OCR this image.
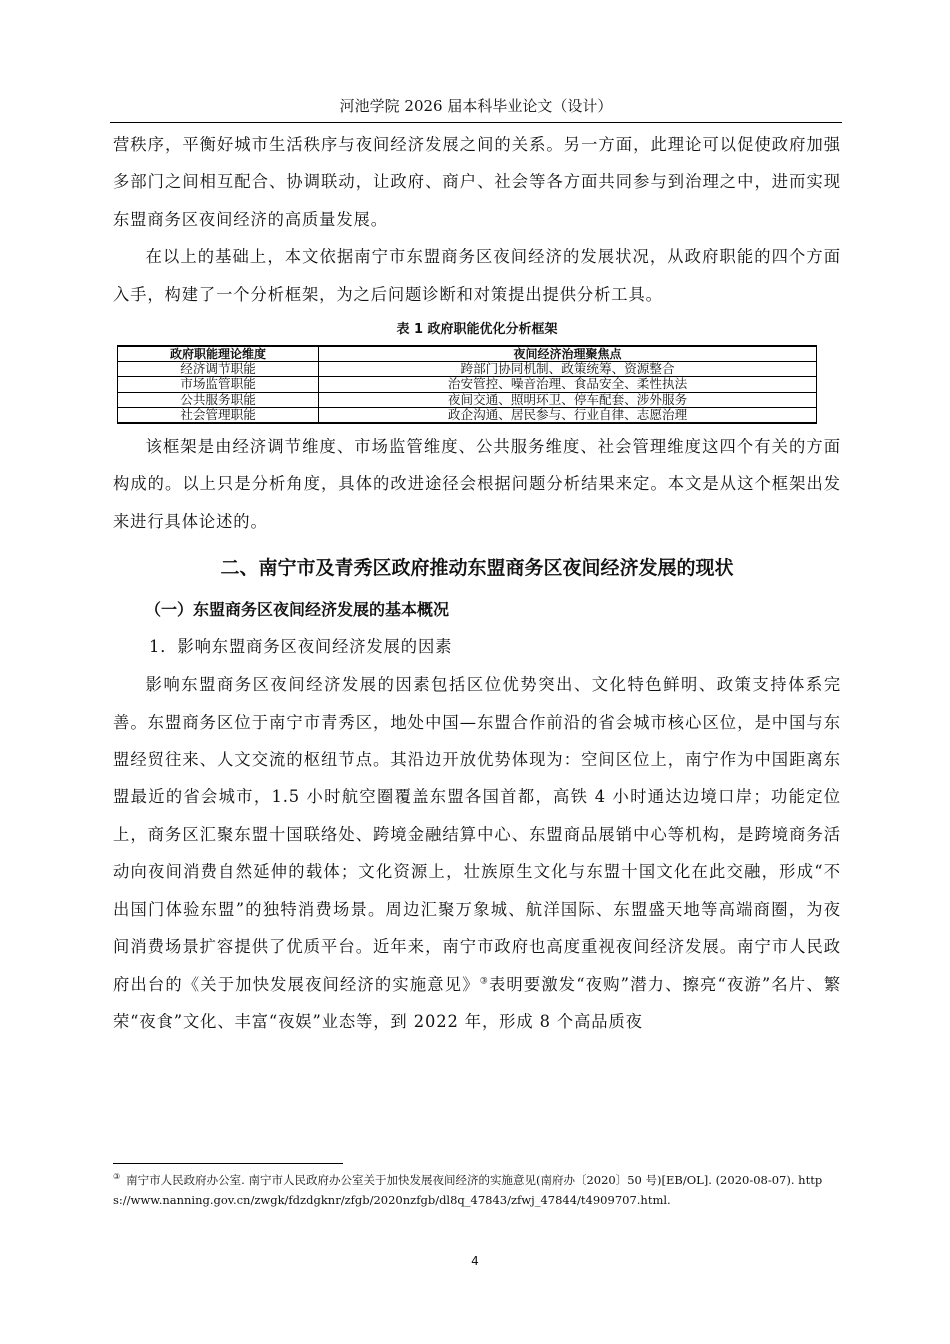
河池学院 2026 届本科毕业论文（设计）

营秩序，平衡好城市生活秩序与夜间经济发展之间的关系。另一方面，此理论可以促使政府加强多部门之间相互配合、协调联动，让政府、商户、社会等各方面共同参与到治理之中，进而实现东盟商务区夜间经济的高质量发展。

在以上的基础上，本文依据南宁市东盟商务区夜间经济的发展状况，从政府职能的四个方面入手，构建了一个分析框架，为之后问题诊断和对策提出提供分析工具。

表 1 政府职能优化分析框架
政府职能理论维度	夜间经济治理聚焦点
经济调节职能	跨部门协同机制、政策统筹、资源整合
市场监管职能	治安管控、噪音治理、食品安全、柔性执法
公共服务职能	夜间交通、照明环卫、停车配套、涉外服务
社会管理职能	政企沟通、居民参与、行业自律、志愿治理

该框架是由经济调节维度、市场监管维度、公共服务维度、社会管理维度这四个有关的方面构成的。以上只是分析角度，具体的改进途径会根据问题分析结果来定。本文是从这个框架出发来进行具体论述的。

二、南宁市及青秀区政府推动东盟商务区夜间经济发展的现状
（一）东盟商务区夜间经济发展的基本概况
1．影响东盟商务区夜间经济发展的因素

影响东盟商务区夜间经济发展的因素包括区位优势突出、文化特色鲜明、政策支持体系完善。东盟商务区位于南宁市青秀区，地处中国—东盟合作前沿的省会城市核心区位，是中国与东盟经贸往来、人文交流的枢纽节点。其沿边开放优势体现为：空间区位上，南宁作为中国距离东盟最近的省会城市，1.5 小时航空圈覆盖东盟各国首都，高铁 4 小时通达边境口岸；功能定位上，商务区汇聚东盟十国联络处、跨境金融结算中心、东盟商品展销中心等机构，是跨境商务活动向夜间消费自然延伸的载体；文化资源上，壮族原生文化与东盟十国文化在此交融，形成“不出国门体验东盟”的独特消费场景。周边汇聚万象城、航洋国际、东盟盛天地等高端商圈，为夜间消费场景扩容提供了优质平台。近年来，南宁市政府也高度重视夜间经济发展。南宁市人民政府出台的《关于加快发展夜间经济的实施意见》③表明要激发“夜购”潜力、擦亮“夜游”名片、繁荣“夜食”文化、丰富“夜娱”业态等，到 2022 年，形成 8 个高品质夜

③ 南宁市人民政府办公室. 南宁市人民政府办公室关于加快发展夜间经济的实施意见(南府办〔2020〕50 号)[EB/OL]. (2020-08-07). https://www.nanning.gov.cn/zwgk/fdzdgknr/zfgb/2020nzfgb/dl8q_47843/zfwj_47844/t4909707.html.

4
